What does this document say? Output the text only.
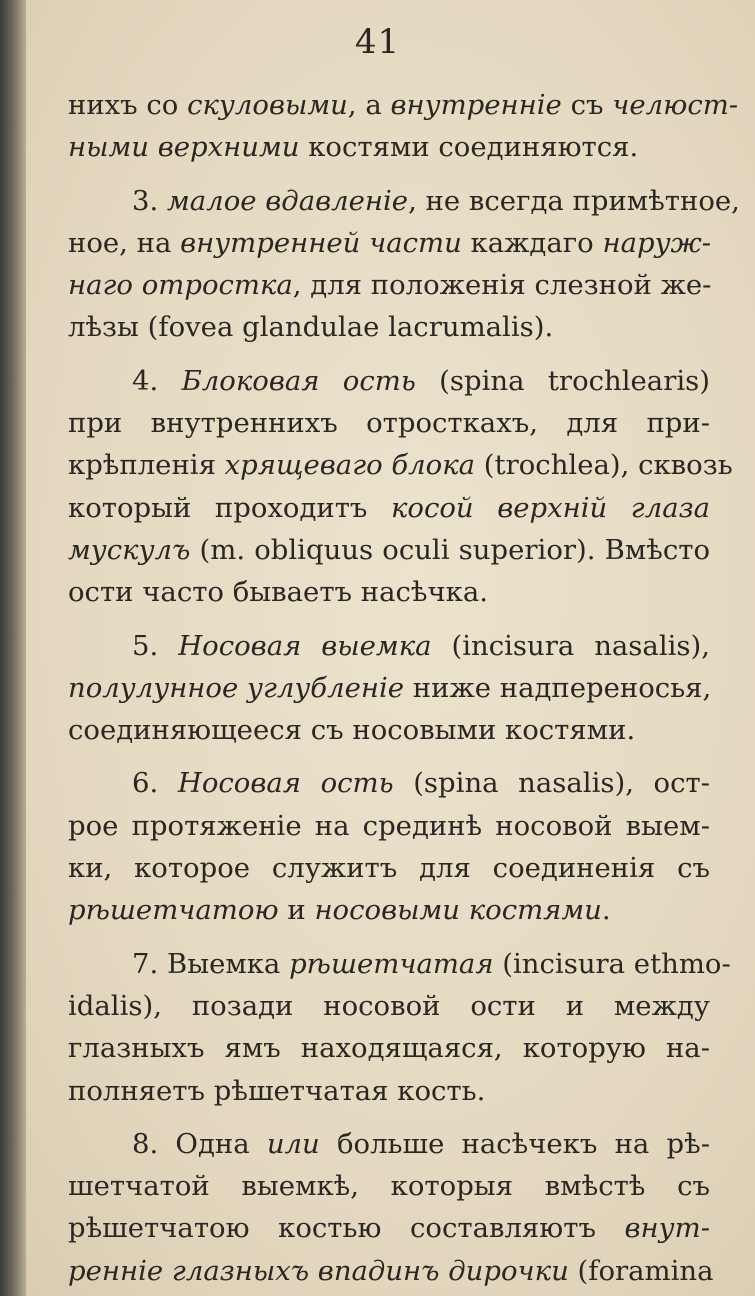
41
нихъ со скуловыми, а внутренніе съ челюст-
ными верхними костями соединяются.
3. малое вдавленіе, не всегда примѣтное,
ное, на внутренней части каждаго наруж-
наго отростка, для положенія слезной же-
лѣзы (fovea glandulae lacrumalis).
4. Блоковая ость (spina trochlearis)
при внутреннихъ отросткахъ, для при-
крѣпленія хрящеваго блока (trochlea), сквозь
который проходитъ косой верхній глаза
мускулъ (m. obliquus oculi superior). Вмѣсто
ости часто бываетъ насѣчка.
5. Носовая выемка (incisura nasalis),
полулунное углубленіе ниже надпереносья,
соединяющееся съ носовыми костями.
6. Носовая ость (spina nasalis), ост-
рое протяженіе на срединѣ носовой выем-
ки, которое служитъ для соединенія съ
рѣшетчатою и носовыми костями.
7. Выемка рѣшетчатая (incisura ethmo-
idalis), позади носовой ости и между
глазныхъ ямъ находящаяся, которую на-
полняетъ рѣшетчатая кость.
8. Одна или больше насѣчекъ на рѣ-
шетчатой выемкѣ, которыя вмѣстѣ съ
рѣшетчатою костью составляютъ внут-
ренніе глазныхъ впадинъ дирочки (foramina
